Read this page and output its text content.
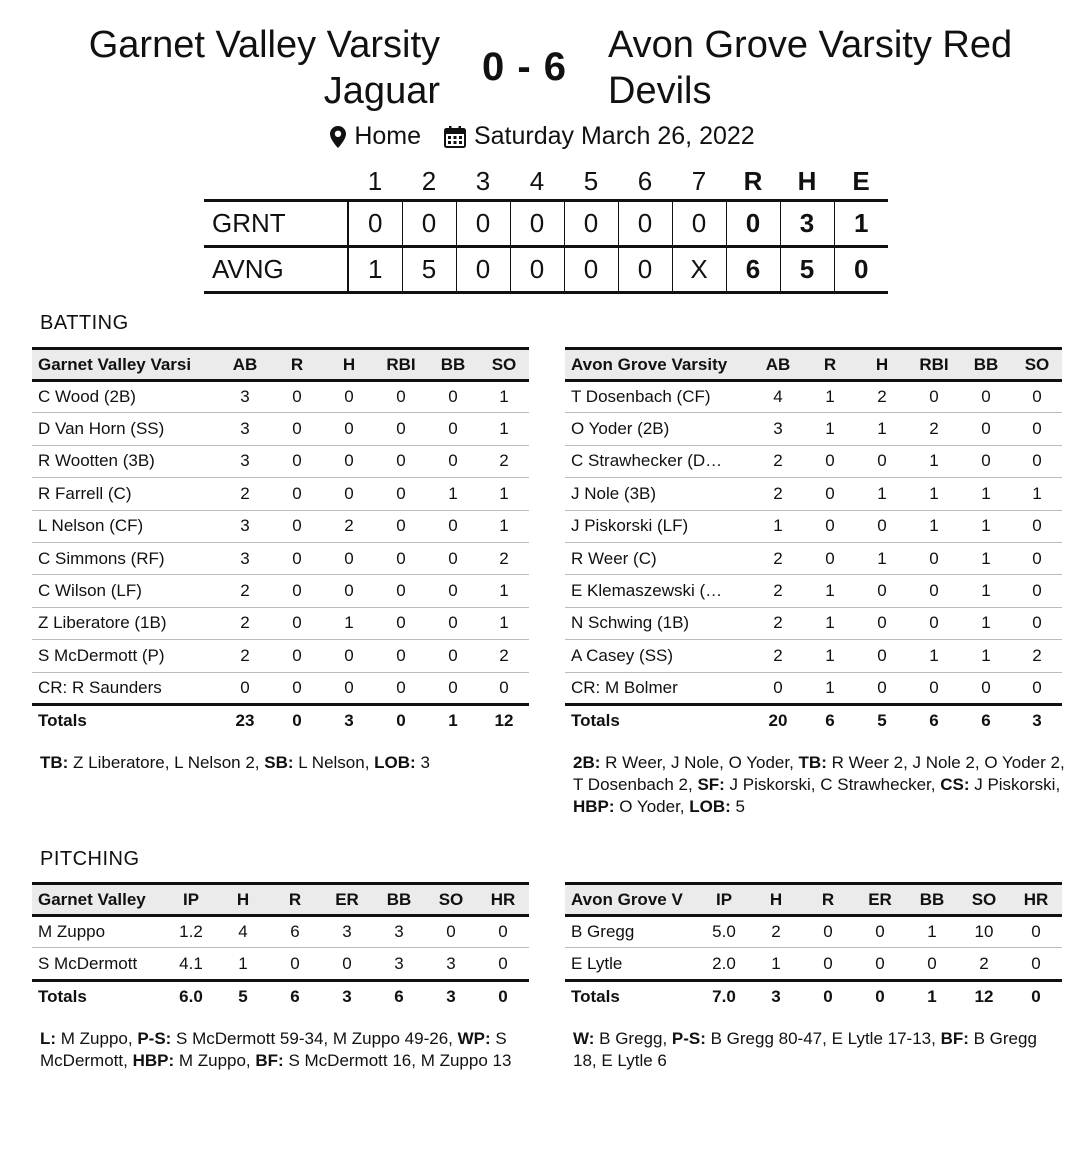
Garnet Valley Varsity
Jaguar
0 - 6	Avon Grove Varsity Red
Devils
Home
Saturday March 26, 2022
	1	2	3	4	5	6	7	R	H	E
GRNT	0	0	0	0	0	0	0	0	3	1
AVNG	1	5	0	0	0	0	X	6	5	0
BATTING
Garnet Valley Varsi	AB	R	H	RBI	BB	SO
C Wood (2B)	3	0	0	0	0	1
D Van Horn (SS)	3	0	0	0	0	1
R Wootten (3B)	3	0	0	0	0	2
R Farrell (C)	2	0	0	0	1	1
L Nelson (CF)	3	0	2	0	0	1
C Simmons (RF)	3	0	0	0	0	2
C Wilson (LF)	2	0	0	0	0	1
Z Liberatore (1B)	2	0	1	0	0	1
S McDermott (P)	2	0	0	0	0	2
CR: R Saunders	0	0	0	0	0	0
Totals	23	0	3	0	1	12
Avon Grove Varsity	AB	R	H	RBI	BB	SO
T Dosenbach (CF)	4	1	2	0	0	0
O Yoder (2B)	3	1	1	2	0	0
C Strawhecker (D…	2	0	0	1	0	0
J Nole (3B)	2	0	1	1	1	1
J Piskorski (LF)	1	0	0	1	1	0
R Weer (C)	2	0	1	0	1	0
E Klemaszewski (…	2	1	0	0	1	0
N Schwing (1B)	2	1	0	0	1	0
A Casey (SS)	2	1	0	1	1	2
CR: M Bolmer	0	1	0	0	0	0
Totals	20	6	5	6	6	3
TB: Z Liberatore, L Nelson 2, SB: L Nelson, LOB: 3	2B: R Weer, J Nole, O Yoder, TB: R Weer 2, J Nole 2, O Yoder 2, T Dosenbach 2, SF: J Piskorski, C Strawhecker, CS: J Piskorski, HBP: O Yoder, LOB: 5
PITCHING
Garnet Valley	IP	H	R	ER	BB	SO	HR
M Zuppo	1.2	4	6	3	3	0	0
S McDermott	4.1	1	0	0	3	3	0
Totals	6.0	5	6	3	6	3	0
Avon Grove V	IP	H	R	ER	BB	SO	HR
B Gregg	5.0	2	0	0	1	10	0
E Lytle	2.0	1	0	0	0	2	0
Totals	7.0	3	0	0	1	12	0
L: M Zuppo, P-S: S McDermott 59-34, M Zuppo 49-26, WP: S McDermott, HBP: M Zuppo, BF: S McDermott 16, M Zuppo 13
W: B Gregg, P-S: B Gregg 80-47, E Lytle 17-13, BF: B Gregg 18, E Lytle 6
